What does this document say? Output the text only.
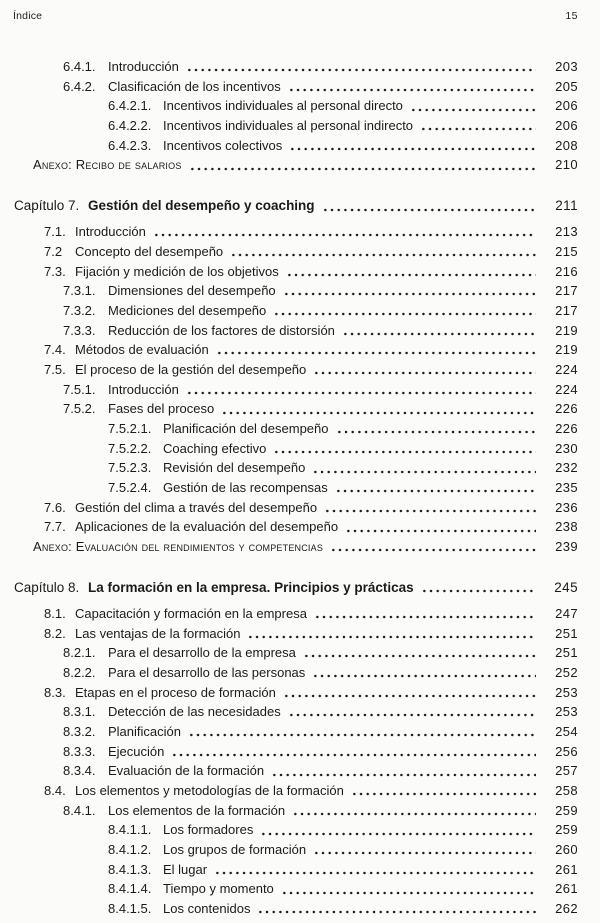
Índice	15
6.4.1. Introducción	203
6.4.2. Clasificación de los incentivos	205
6.4.2.1. Incentivos individuales al personal directo	206
6.4.2.2. Incentivos individuales al personal indirecto	206
6.4.2.3. Incentivos colectivos	208
Anexo: Recibo de salarios	210
Capítulo 7. Gestión del desempeño y coaching	211
7.1. Introducción	213
7.2 Concepto del desempeño	215
7.3. Fijación y medición de los objetivos	216
7.3.1. Dimensiones del desempeño	217
7.3.2. Mediciones del desempeño	217
7.3.3. Reducción de los factores de distorsión	219
7.4. Métodos de evaluación	219
7.5. El proceso de la gestión del desempeño	224
7.5.1. Introducción	224
7.5.2. Fases del proceso	226
7.5.2.1. Planificación del desempeño	226
7.5.2.2. Coaching efectivo	230
7.5.2.3. Revisión del desempeño	232
7.5.2.4. Gestión de las recompensas	235
7.6. Gestión del clima a través del desempeño	236
7.7. Aplicaciones de la evaluación del desempeño	238
Anexo: Evaluación del rendimientos y competencias	239
Capítulo 8. La formación en la empresa. Principios y prácticas	245
8.1. Capacitación y formación en la empresa	247
8.2. Las ventajas de la formación	251
8.2.1. Para el desarrollo de la empresa	251
8.2.2. Para el desarrollo de las personas	252
8.3. Etapas en el proceso de formación	253
8.3.1. Detección de las necesidades	253
8.3.2. Planificación	254
8.3.3. Ejecución	256
8.3.4. Evaluación de la formación	257
8.4. Los elementos y metodologías de la formación	258
8.4.1. Los elementos de la formación	259
8.4.1.1. Los formadores	259
8.4.1.2. Los grupos de formación	260
8.4.1.3. El lugar	261
8.4.1.4. Tiempo y momento	261
8.4.1.5. Los contenidos	262
